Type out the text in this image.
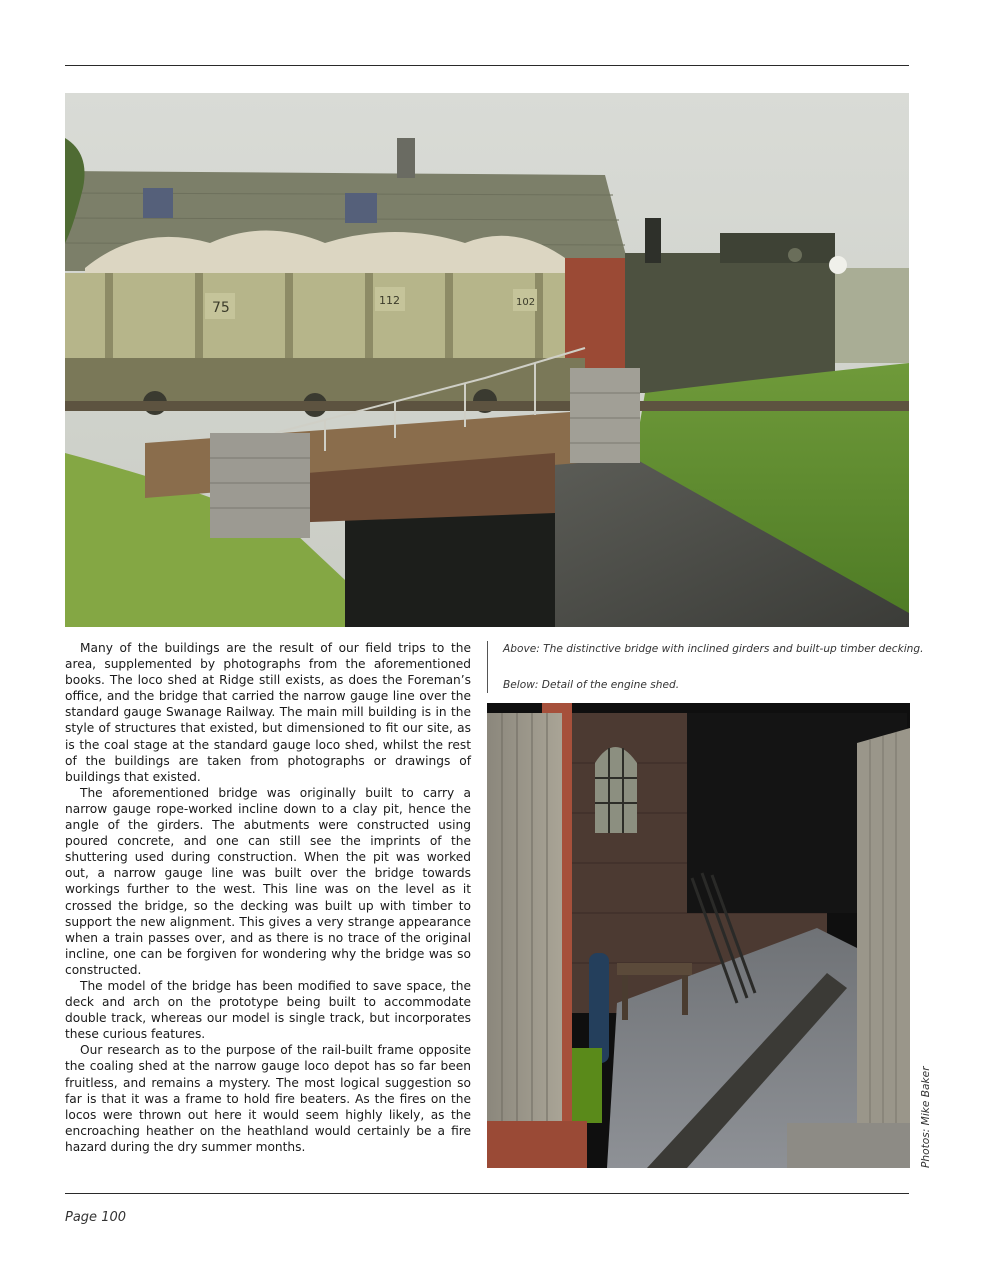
75	112	102

Many of the buildings are the result of our field trips to the area, supplemented by photographs from the aforementioned books. The loco shed at Ridge still exists, as does the Foreman’s office, and the bridge that carried the narrow gauge line over the standard gauge Swanage Railway. The main mill building is in the style of structures that existed, but dimensioned to fit our site, as is the coal stage at the standard gauge loco shed, whilst the rest of the buildings are taken from photographs or drawings of buildings that existed.

The aforementioned bridge was originally built to carry a narrow gauge rope-worked incline down to a clay pit, hence the angle of the girders. The abutments were constructed using poured concrete, and one can still see the imprints of the shuttering used during construction. When the pit was worked out, a narrow gauge line was built over the bridge towards workings further to the west. This line was on the level as it crossed the bridge, so the decking was built up with timber to support the new alignment. This gives a very strange appearance when a train passes over, and as there is no trace of the original incline, one can be forgiven for wondering why the bridge was so constructed.

The model of the bridge has been modified to save space, the deck and arch on the prototype being built to accommodate double track, whereas our model is single track, but incorporates these curious features.

Our research as to the purpose of the rail-built frame opposite the coaling shed at the narrow gauge loco depot has so far been fruitless, and remains a mystery. The most logical suggestion so far is that it was a frame to hold fire beaters. As the fires on the locos were thrown out here it would seem highly likely, as the encroaching heather on the heathland would certainly be a fire hazard during the dry summer months.

Above: The distinctive bridge with inclined girders and built-up timber decking.
Below: Detail of the engine shed.
Photos: Mike Baker
Page 100
